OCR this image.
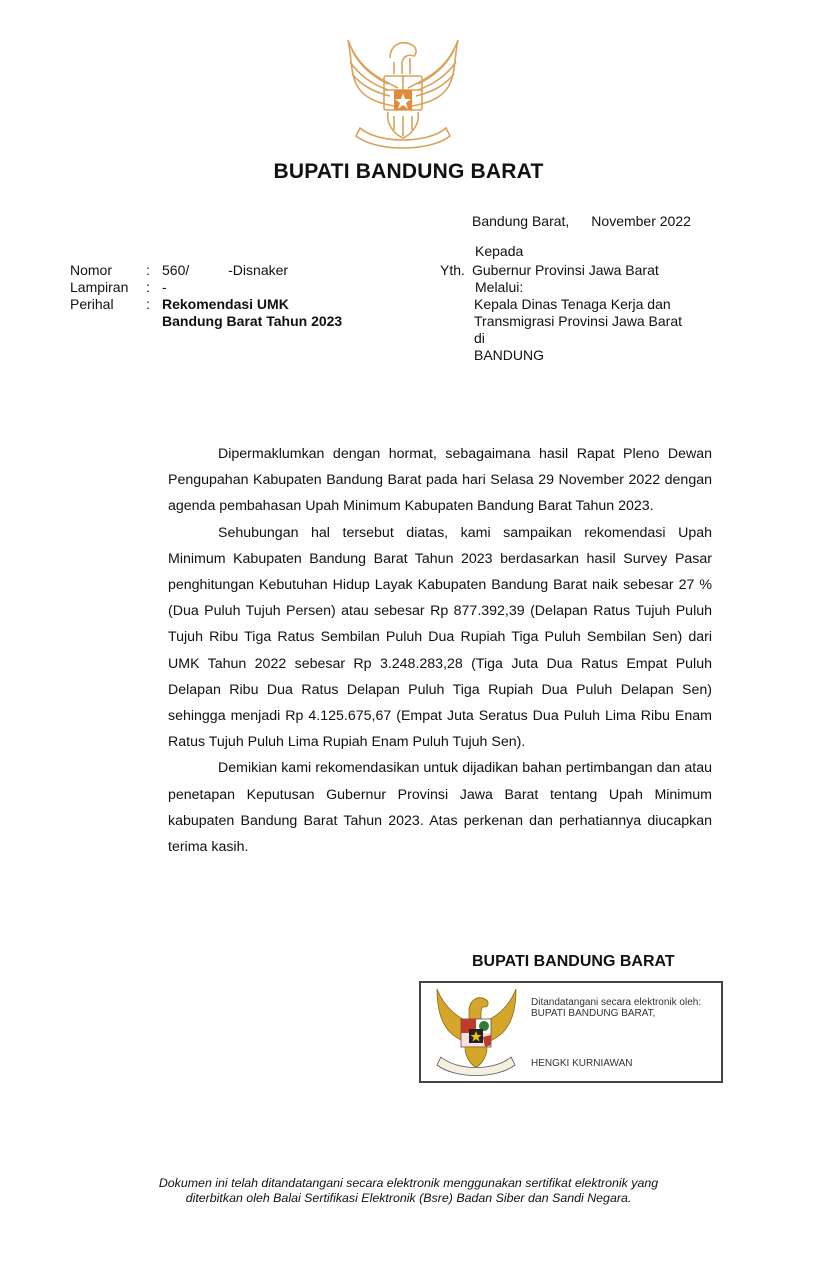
BUPATI BANDUNG BARAT
Bandung Barat, November 2022
Nomor	: 560/          -Disnaker
Lampiran	: -
Perihal	: Rekomendasi UMK
Bandung Barat Tahun 2023
Kepada
Yth. Gubernur Provinsi Jawa Barat
Melalui:
Kepala Dinas Tenaga Kerja dan
Transmigrasi Provinsi Jawa Barat
di
BANDUNG

Dipermaklumkan dengan hormat, sebagaimana hasil Rapat Pleno Dewan Pengupahan Kabupaten Bandung Barat pada hari Selasa 29 November 2022 dengan agenda pembahasan Upah Minimum Kabupaten Bandung Barat Tahun 2023.

Sehubungan hal tersebut diatas, kami sampaikan rekomendasi Upah Minimum Kabupaten Bandung Barat Tahun 2023 berdasarkan hasil Survey Pasar penghitungan Kebutuhan Hidup Layak Kabupaten Bandung Barat naik sebesar 27 % (Dua Puluh Tujuh Persen) atau sebesar Rp 877.392,39 (Delapan Ratus Tujuh Puluh Tujuh Ribu Tiga Ratus Sembilan Puluh Dua Rupiah Tiga Puluh Sembilan Sen) dari UMK Tahun 2022 sebesar Rp 3.248.283,28 (Tiga Juta Dua Ratus Empat Puluh Delapan Ribu Dua Ratus Delapan Puluh Tiga Rupiah Dua Puluh Delapan Sen) sehingga menjadi Rp 4.125.675,67 (Empat Juta Seratus Dua Puluh Lima Ribu Enam Ratus Tujuh Puluh Lima Rupiah Enam Puluh Tujuh Sen).

Demikian kami rekomendasikan untuk dijadikan bahan pertimbangan dan atau penetapan Keputusan Gubernur Provinsi Jawa Barat tentang Upah Minimum kabupaten Bandung Barat Tahun 2023. Atas perkenan dan perhatiannya diucapkan terima kasih.

BUPATI BANDUNG BARAT
Ditandatangani secara elektronik oleh:
BUPATI BANDUNG BARAT,
HENGKI KURNIAWAN
Dokumen ini telah ditandatangani secara elektronik menggunakan sertifikat elektronik yang
diterbitkan oleh Balai Sertifikasi Elektronik (Bsre) Badan Siber dan Sandi Negara.
